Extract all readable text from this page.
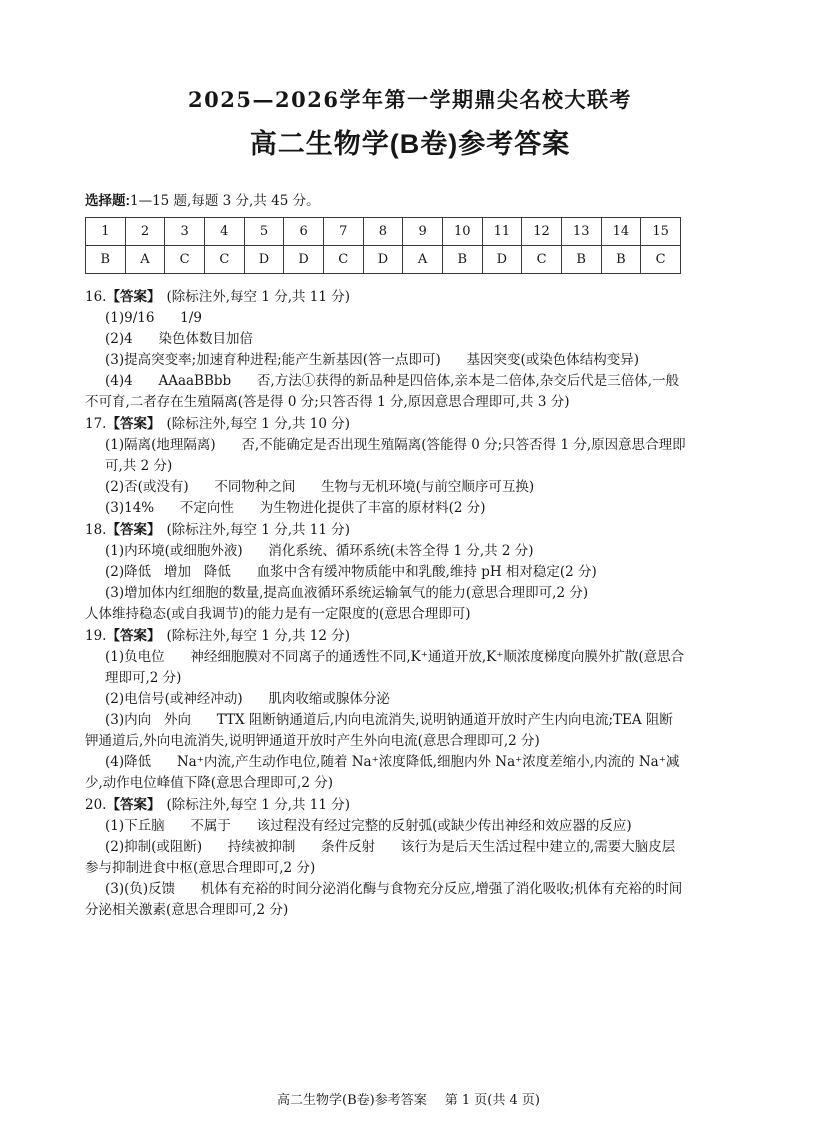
2025—2026学年第一学期鼎尖名校大联考
高二生物学(B卷)参考答案
选择题:1—15 题,每题 3 分,共 45 分。
1	2	3	4	5	6	7	8	9	10	11	12	13	14	15
B	A	C	C	D	D	C	D	A	B	D	C	B	B	C
16.【答案】 (除标注外,每空 1 分,共 11 分)
(1)9/16      1/9
(2)4      染色体数目加倍
(3)提高突变率;加速育种进程;能产生新基因(答一点即可)      基因突变(或染色体结构变异)
(4)4      AAaaBBbb      否,方法①获得的新品种是四倍体,亲本是二倍体,杂交后代是三倍体,一般
不可育,二者存在生殖隔离(答是得 0 分;只答否得 1 分,原因意思合理即可,共 3 分)
17.【答案】 (除标注外,每空 1 分,共 10 分)
(1)隔离(地理隔离)      否,不能确定是否出现生殖隔离(答能得 0 分;只答否得 1 分,原因意思合理即
可,共 2 分)
(2)否(或没有)      不同物种之间      生物与无机环境(与前空顺序可互换)
(3)14%      不定向性      为生物进化提供了丰富的原材料(2 分)
18.【答案】 (除标注外,每空 1 分,共 11 分)
(1)内环境(或细胞外液)      消化系统、循环系统(未答全得 1 分,共 2 分)
(2)降低   增加   降低      血浆中含有缓冲物质能中和乳酸,维持 pH 相对稳定(2 分)
(3)增加体内红细胞的数量,提高血液循环系统运输氧气的能力(意思合理即可,2 分)
人体维持稳态(或自我调节)的能力是有一定限度的(意思合理即可)
19.【答案】 (除标注外,每空 1 分,共 12 分)
(1)负电位      神经细胞膜对不同离子的通透性不同,K⁺通道开放,K⁺顺浓度梯度向膜外扩散(意思合
理即可,2 分)
(2)电信号(或神经冲动)      肌肉收缩或腺体分泌
(3)内向   外向      TTX 阻断钠通道后,内向电流消失,说明钠通道开放时产生内向电流;TEA 阻断
钾通道后,外向电流消失,说明钾通道开放时产生外向电流(意思合理即可,2 分)
(4)降低      Na⁺内流,产生动作电位,随着 Na⁺浓度降低,细胞内外 Na⁺浓度差缩小,内流的 Na⁺减
少,动作电位峰值下降(意思合理即可,2 分)
20.【答案】 (除标注外,每空 1 分,共 11 分)
(1)下丘脑      不属于      该过程没有经过完整的反射弧(或缺少传出神经和效应器的反应)
(2)抑制(或阻断)      持续被抑制      条件反射      该行为是后天生活过程中建立的,需要大脑皮层
参与抑制进食中枢(意思合理即可,2 分)
(3)(负)反馈      机体有充裕的时间分泌消化酶与食物充分反应,增强了消化吸收;机体有充裕的时间
分泌相关激素(意思合理即可,2 分)
高二生物学(B卷)参考答案 第 1 页(共 4 页)
